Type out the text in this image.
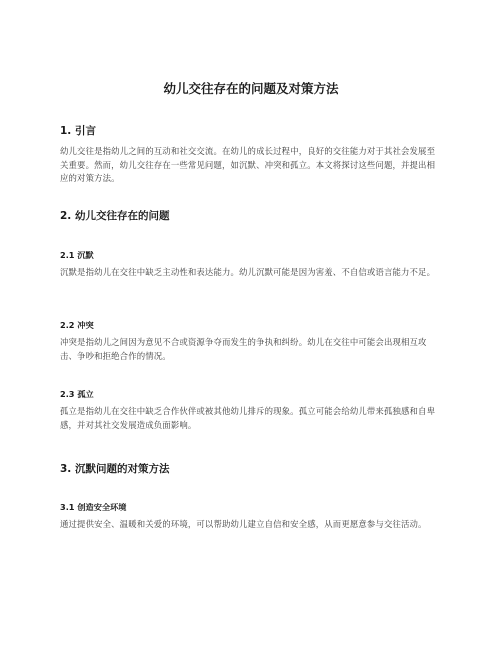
幼儿交往存在的问题及对策方法
1. 引言

幼儿交往是指幼儿之间的互动和社交交流。在幼儿的成长过程中，良好的交往能力对于其社会发展至关重要。然而，幼儿交往存在一些常见问题，如沉默、冲突和孤立。本文将探讨这些问题，并提出相应的对策方法。

2. 幼儿交往存在的问题
2.1 沉默

沉默是指幼儿在交往中缺乏主动性和表达能力。幼儿沉默可能是因为害羞、不自信或语言能力不足。

2.2 冲突

冲突是指幼儿之间因为意见不合或资源争夺而发生的争执和纠纷。幼儿在交往中可能会出现相互攻击、争吵和拒绝合作的情况。

2.3 孤立

孤立是指幼儿在交往中缺乏合作伙伴或被其他幼儿排斥的现象。孤立可能会给幼儿带来孤独感和自卑感，并对其社交发展造成负面影响。

3. 沉默问题的对策方法
3.1 创造安全环境

通过提供安全、温暖和关爱的环境，可以帮助幼儿建立自信和安全感，从而更愿意参与交往活动。
